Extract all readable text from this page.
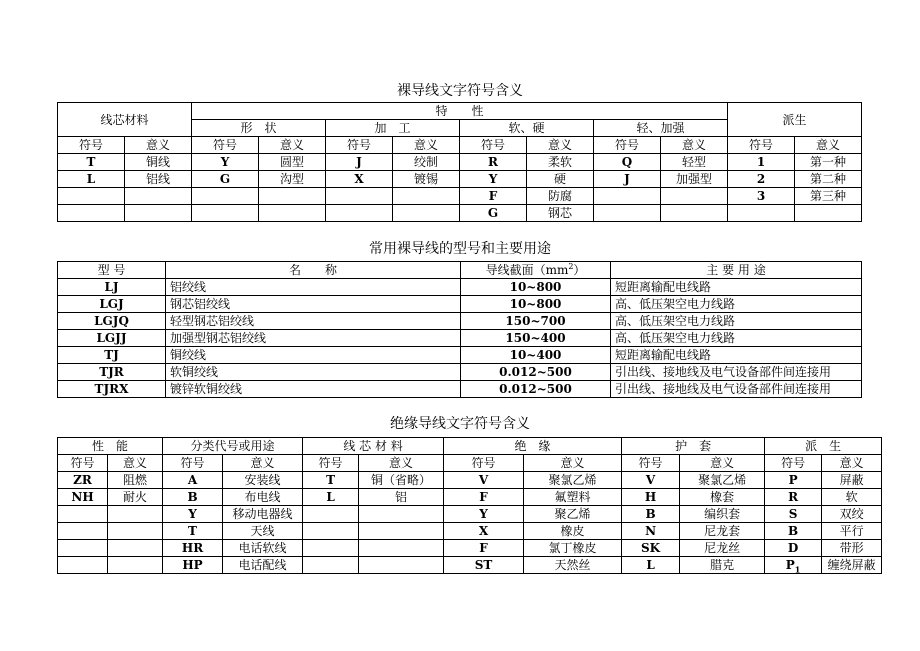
裸导线文字符号含义
线芯材料		特　　性								派生	
		形　状		加　工		软、硬		轻、加强			
符号	意义	符号	意义	符号	意义	符号	意义	符号	意义	符号	意义
T	铜线	Y	圆型	J	绞制	R	柔软	Q	轻型	1	第一种
L	铝线	G	沟型	X	镀锡	Y	硬	J	加强型	2	第二种
						F	防腐			3	第三种
						G	钢芯				
常用裸导线的型号和主要用途
型 号	名　　称	导线截面$(mm^2)$	主 要 用 途
LJ	铝绞线	10~800	短距离输配电线路
LGJ	钢芯铝绞线	10~800	高、低压架空电力线路
LGJQ	轻型钢芯铝绞线	150~700	高、低压架空电力线路
LGJJ	加强型钢芯铝绞线	150~400	高、低压架空电力线路
TJ	铜绞线	10~400	短距离输配电线路
TJR	软铜绞线	0.012~500	引出线、接地线及电气设备部件间连接用
TJRX	镀锌软铜绞线	0.012~500	引出线、接地线及电气设备部件间连接用
绝缘导线文字符号含义
性　能		分类代号或用途		线 芯 材 料		绝　缘		护　套		派　生	
符号	意义	符号	意义	符号	意义	符号	意义	符号	意义	符号	意义
ZR	阻燃	A	安装线	T	铜（省略）	V	聚氯乙烯	V	聚氯乙烯	P	屏蔽
NH	耐火	B	布电线	L	铝	F	氟塑料	H	橡套	R	软
		Y	移动电器线			Y	聚乙烯	B	编织套	S	双绞
		T	天线			X	橡皮	N	尼龙套	B	平行
		HR	电话软线			F	氯丁橡皮	SK	尼龙丝	D	带形
		HP	电话配线			ST	天然丝	L	腊克	$P_1$	缠绕屏蔽
